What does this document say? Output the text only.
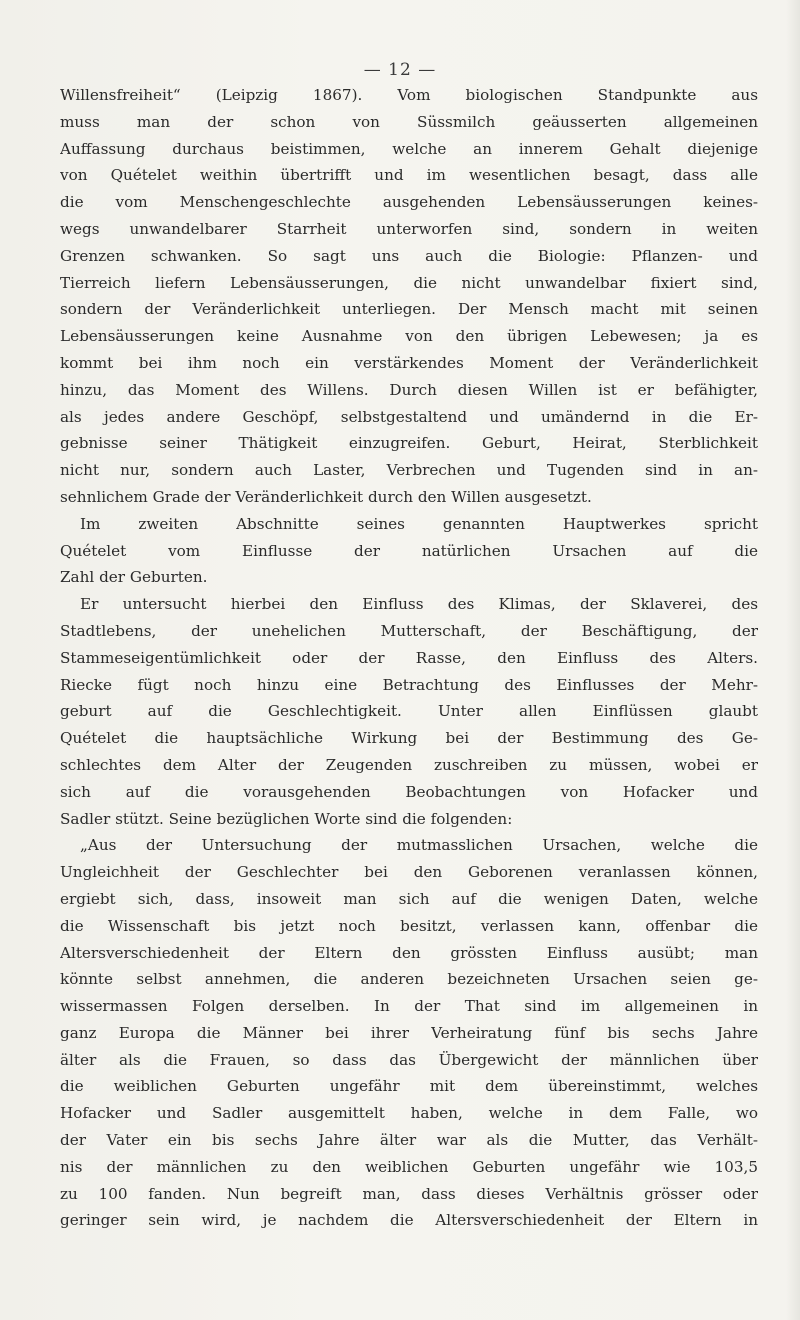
— 12 —
Willensfreiheit“ (Leipzig 1867). Vom biologischen Standpunkte aus
muss man der schon von Süssmilch geäusserten allgemeinen
Auffassung durchaus beistimmen, welche an innerem Gehalt diejenige
von Quételet weithin übertrifft und im wesentlichen besagt, dass alle
die vom Menschengeschlechte ausgehenden Lebensäusserungen keines-
wegs unwandelbarer Starrheit unterworfen sind, sondern in weiten
Grenzen schwanken. So sagt uns auch die Biologie: Pflanzen- und
Tierreich liefern Lebensäusserungen, die nicht unwandelbar fixiert sind,
sondern der Veränderlichkeit unterliegen. Der Mensch macht mit seinen
Lebensäusserungen keine Ausnahme von den übrigen Lebewesen; ja es
kommt bei ihm noch ein verstärkendes Moment der Veränderlichkeit
hinzu, das Moment des Willens. Durch diesen Willen ist er befähigter,
als jedes andere Geschöpf, selbstgestaltend und umändernd in die Er-
gebnisse seiner Thätigkeit einzugreifen. Geburt, Heirat, Sterblichkeit
nicht nur, sondern auch Laster, Verbrechen und Tugenden sind in an-
sehnlichem Grade der Veränderlichkeit durch den Willen ausgesetzt.
Im zweiten Abschnitte seines genannten Hauptwerkes spricht
Quételet vom Einflusse der natürlichen Ursachen auf die
Zahl der Geburten.
Er untersucht hierbei den Einfluss des Klimas, der Sklaverei, des
Stadtlebens, der unehelichen Mutterschaft, der Beschäftigung, der
Stammeseigentümlichkeit oder der Rasse, den Einfluss des Alters.
Riecke fügt noch hinzu eine Betrachtung des Einflusses der Mehr-
geburt auf die Geschlechtigkeit. Unter allen Einflüssen glaubt
Quételet die hauptsächliche Wirkung bei der Bestimmung des Ge-
schlechtes dem Alter der Zeugenden zuschreiben zu müssen, wobei er
sich auf die vorausgehenden Beobachtungen von Hofacker und
Sadler stützt. Seine bezüglichen Worte sind die folgenden:
„Aus der Untersuchung der mutmasslichen Ursachen, welche die
Ungleichheit der Geschlechter bei den Geborenen veranlassen können,
ergiebt sich, dass, insoweit man sich auf die wenigen Daten, welche
die Wissenschaft bis jetzt noch besitzt, verlassen kann, offenbar die
Altersverschiedenheit der Eltern den grössten Einfluss ausübt; man
könnte selbst annehmen, die anderen bezeichneten Ursachen seien ge-
wissermassen Folgen derselben. In der That sind im allgemeinen in
ganz Europa die Männer bei ihrer Verheiratung fünf bis sechs Jahre
älter als die Frauen, so dass das Übergewicht der männlichen über
die weiblichen Geburten ungefähr mit dem übereinstimmt, welches
Hofacker und Sadler ausgemittelt haben, welche in dem Falle, wo
der Vater ein bis sechs Jahre älter war als die Mutter, das Verhält-
nis der männlichen zu den weiblichen Geburten ungefähr wie 103,5
zu 100 fanden. Nun begreift man, dass dieses Verhältnis grösser oder
geringer sein wird, je nachdem die Altersverschiedenheit der Eltern in
